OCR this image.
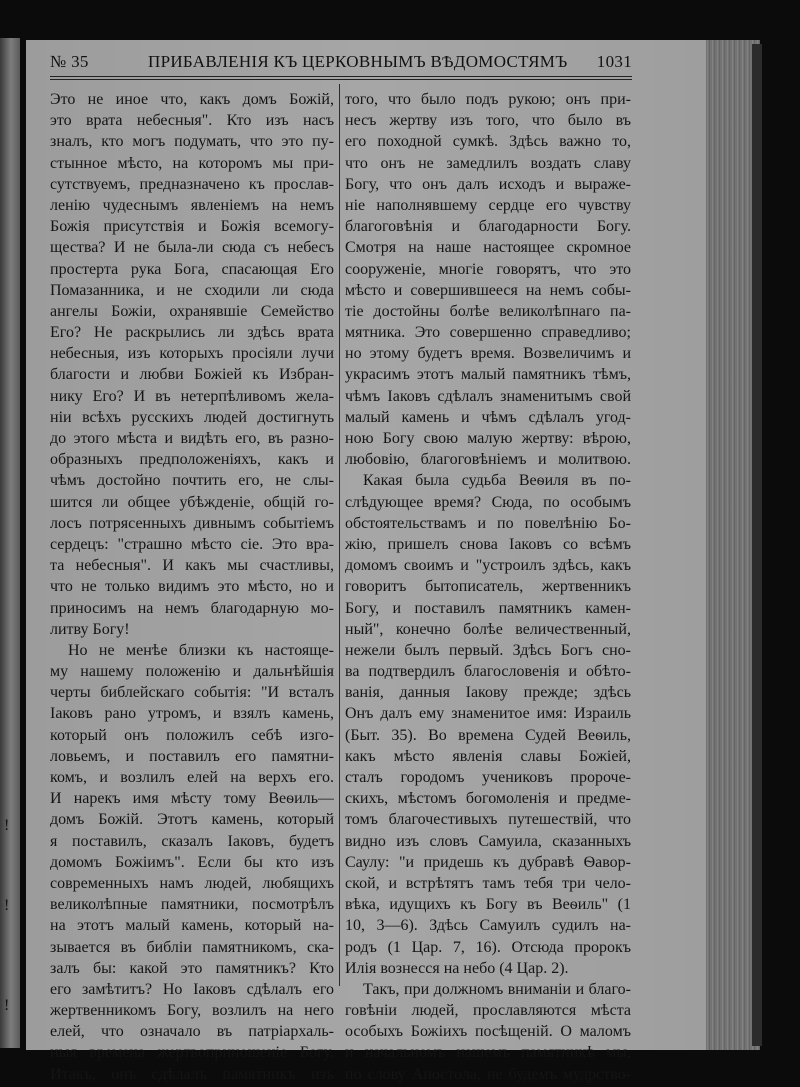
!
!
!
№ 35	ПРИБАВЛЕНІЯ КЪ ЦЕРКОВНЫМЪ ВѢДОМОСТЯМЪ 1031
Это не иное что, какъ домъ Божій,
это врата небесныя". Кто изъ насъ
зналъ, кто могъ подумать, что это пу-
стынное мѣсто, на которомъ мы при-
сутствуемъ, предназначено къ прослав-
ленію чудеснымъ явленіемъ на немъ
Божія присутствія и Божія всемогу-
щества? И не была-ли сюда съ небесъ
простерта рука Бога, спасающая Его
Помазанника, и не сходили ли сюда
ангелы Божіи, охранявшіе Семейство
Его? Не раскрылись ли здѣсь врата
небесныя, изъ которыхъ просіяли лучи
благости и любви Божіей къ Избран-
нику Его? И въ нетерпѣливомъ жела-
ніи всѣхъ русскихъ людей достигнуть
до этого мѣста и видѣть его, въ разно-
образныхъ предположеніяхъ, какъ и
чѣмъ достойно почтить его, не слы-
шится ли общее убѣжденіе, общій го-
лосъ потрясенныхъ дивнымъ событіемъ
сердецъ: "страшно мѣсто сіе. Это вра-
та небесныя". И какъ мы счастливы,
что не только видимъ это мѣсто, но и
приносимъ на немъ благодарную мо-
литву Богу!
Но не менѣе близки къ настояще-
му нашему положенію и дальнѣйшія
черты библейскаго событія: "И всталъ
Іаковъ рано утромъ, и взялъ камень,
который онъ положилъ себѣ изго-
ловьемъ, и поставилъ его памятни-
комъ, и возлилъ елей на верхъ его.
И нарекъ имя мѣсту тому Веѳиль—
домъ Божій. Этотъ камень, который
я поставилъ, сказалъ Іаковъ, будетъ
домомъ Божіимъ". Если бы кто изъ
современныхъ намъ людей, любящихъ
великолѣпные памятники, посмотрѣлъ
на этотъ малый камень, который на-
зывается въ библіи памятникомъ, ска-
залъ бы: какой это памятникъ? Кто
его замѣтитъ? Но Іаковъ сдѣлалъ его
жертвенникомъ Богу, возлилъ на него
елей, что означало въ патріархаль-
ныя времена жертвоприношеніе Богу.
Итакъ, онъ сдѣлалъ памятникъ изъ
того, что было подъ рукою; онъ при-
несъ жертву изъ того, что было въ
его походной сумкѣ. Здѣсь важно то,
что онъ не замедлилъ воздать славу
Богу, что онъ далъ исходъ и выраже-
ніе наполнявшему сердце его чувству
благоговѣнія и благодарности Богу.
Смотря на наше настоящее скромное
сооруженіе, многіе говорятъ, что это
мѣсто и совершившееся на немъ собы-
тіе достойны болѣе великолѣпнаго па-
мятника. Это совершенно справедливо;
но этому будетъ время. Возвеличимъ и
украсимъ этотъ малый памятникъ тѣмъ,
чѣмъ Іаковъ сдѣлалъ знаменитымъ свой
малый камень и чѣмъ сдѣлалъ угод-
ною Богу свою малую жертву: вѣрою,
любовію, благоговѣніемъ и молитвою.
Какая была судьба Веѳиля въ по-
слѣдующее время? Сюда, по особымъ
обстоятельствамъ и по повелѣнію Бо-
жію, пришелъ снова Іаковъ со всѣмъ
домомъ своимъ и "устроилъ здѣсь, какъ
говоритъ бытописатель, жертвенникъ
Богу, и поставилъ памятникъ камен-
ный", конечно болѣе величественный,
нежели былъ первый. Здѣсь Богъ сно-
ва подтвердилъ благословенія и обѣто-
ванія, данныя Іакову прежде; здѣсь
Онъ далъ ему знаменитое имя: Израиль
(Быт. 35). Во времена Судей Веѳиль,
какъ мѣсто явленія славы Божіей,
сталъ городомъ учениковъ пророче-
скихъ, мѣстомъ богомоленія и предме-
томъ благочестивыхъ путешествій, что
видно изъ словъ Самуила, сказанныхъ
Саулу: "и придешь къ дубравѣ Ѳавор-
ской, и встрѣтятъ тамъ тебя три чело-
вѣка, идущихъ къ Богу въ Веѳиль" (1
10, 3—6). Здѣсь Самуилъ судилъ на-
родъ (1 Цар. 7, 16). Отсюда пророкъ
Илія вознесся на небо (4 Цар. 2).
Такъ, при должномъ вниманіи и благо-
говѣніи людей, прославляются мѣста
особыхъ Божіихъ посѣщеній. О маломъ
и начальномъ нашемъ памятникѣ мы,
по слову Апостола, не будемъ мудрство-
